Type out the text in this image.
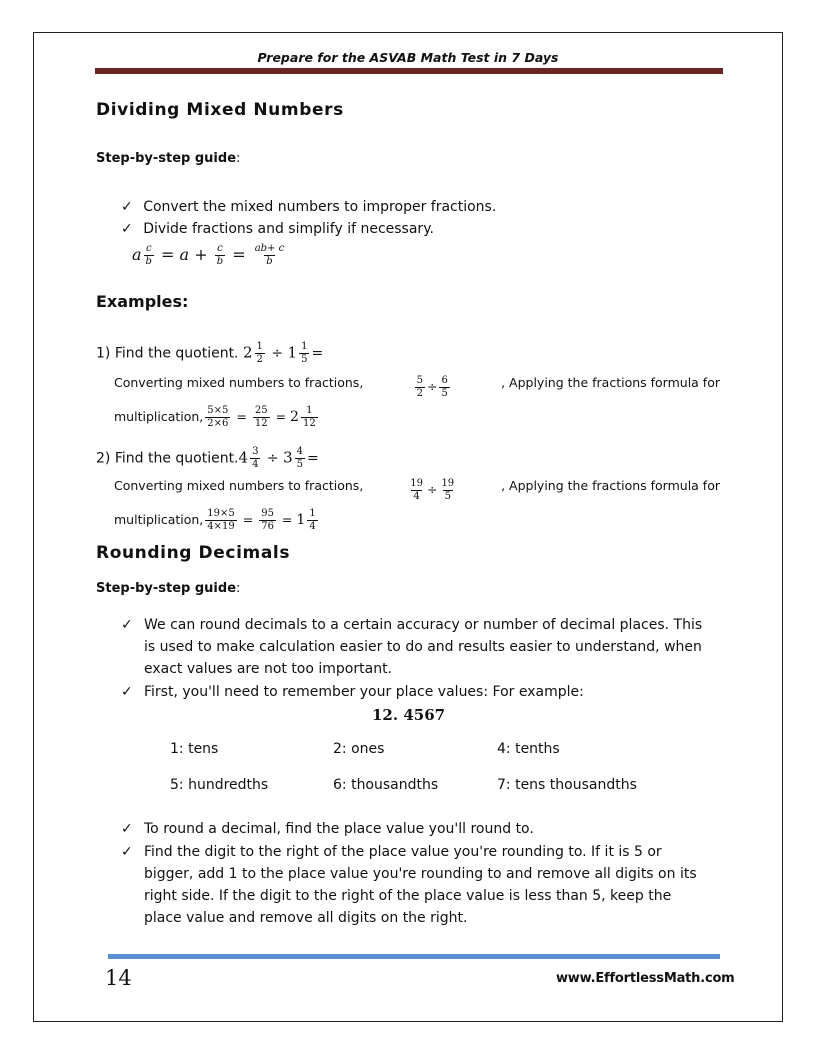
Prepare for the ASVAB Math Test in 7 Days
Dividing Mixed Numbers
Step-by-step guide:
✓ Convert the mixed numbers to improper fractions.
✓ Divide fractions and simplify if necessary.
a $\frac{c}{b} = a + \frac{c}{b} = \frac{ab+ c}{b}$
Examples:
1) Find the quotient. $2 \frac{1}{2} \div 1 \frac{1}{5}$ =
Converting mixed numbers to fractions,	$\frac{5}{2} \div \frac{6}{5}$	, Applying the fractions formula for
multiplication, $\frac{5\times 5}{2\times 6} = \frac{25}{12} = 2 \frac{1}{12}$
2) Find the quotient.4 $\frac{3}{4} \div 3 \frac{4}{5}$ =
Converting mixed numbers to fractions,	$\frac{19}{4} \div \frac{19}{5}$	, Applying the fractions formula for
multiplication, $\frac{19\times 5}{4\times 19} = \frac{95}{76} = 1 \frac{1}{4}$
Rounding Decimals
Step-by-step guide:
✓ We can round decimals to a certain accuracy or number of decimal places. This
is used to make calculation easier to do and results easier to understand, when
exact values are not too important.
✓ First, you'll need to remember your place values: For example:
12. 4567
1: tens	2: ones	4: tenths
5: hundredths	6: thousandths	7: tens thousandths
✓ To round a decimal, find the place value you'll round to.
✓ Find the digit to the right of the place value you're rounding to. If it is 5 or
bigger, add 1 to the place value you're rounding to and remove all digits on its
right side. If the digit to the right of the place value is less than 5, keep the
place value and remove all digits on the right.
14	www.EffortlessMath.com
